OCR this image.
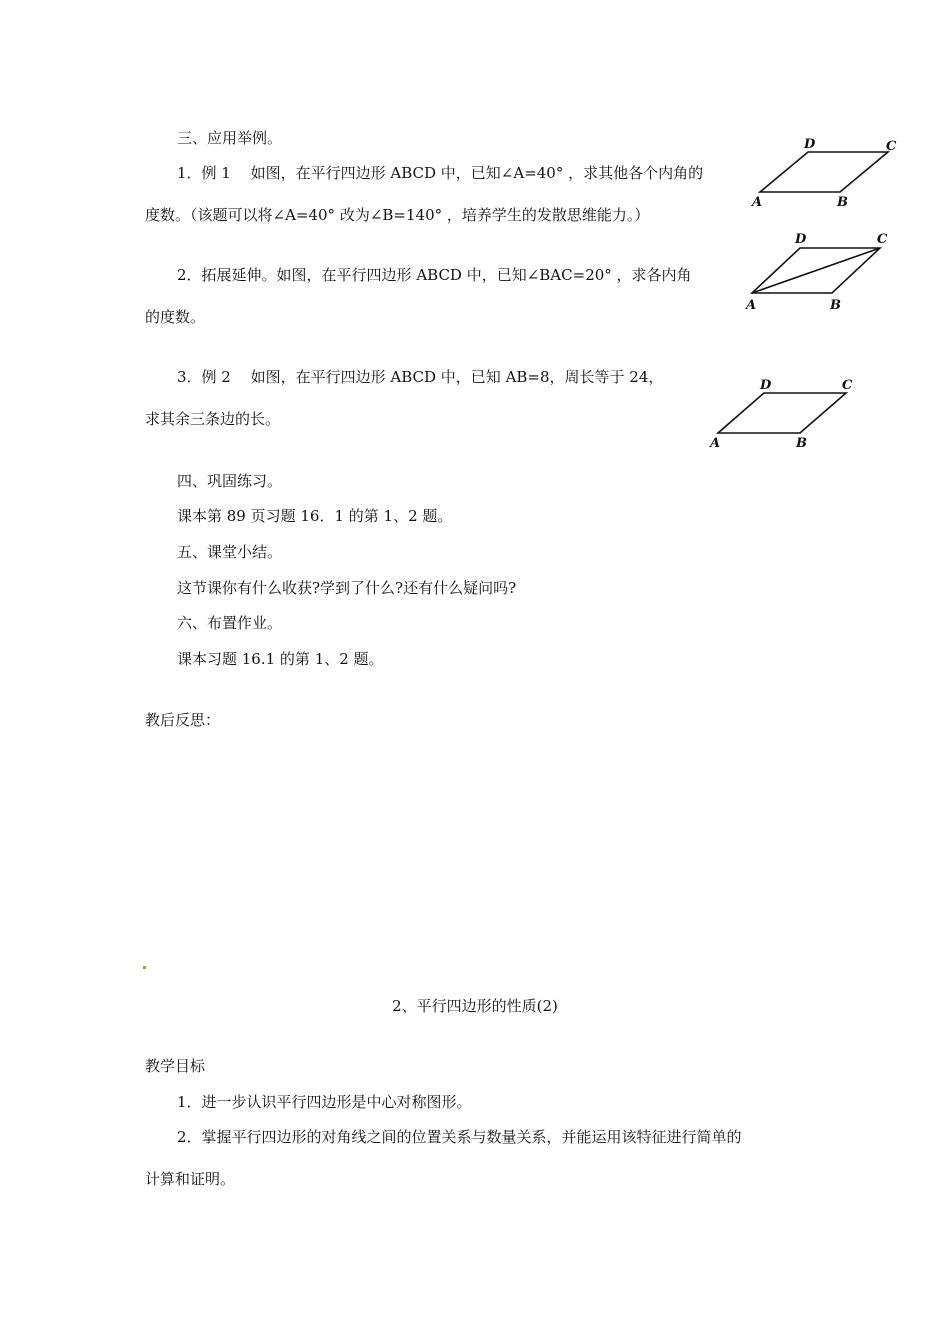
三、应用举例。
1．例 1　 如图，在平行四边形 ABCD 中，已知∠A=40° ，求其他各个内角的
度数。（该题可以将∠A=40° 改为∠B=140° ，培养学生的发散思维能力。）
2．拓展延伸。如图，在平行四边形 ABCD 中，已知∠BAC=20° ，求各内角
的度数。
3．例 2　 如图，在平行四边形 ABCD 中，已知 AB=8，周长等于 24，
求其余三条边的长。
A	B
C
D
A	B
C
D
A	B
C
D
四、巩固练习。
课本第 89 页习题 16．1 的第 1、2 题。
五、课堂小结。
这节课你有什么收获?学到了什么?还有什么疑问吗?
六、布置作业。
课本习题 16.1 的第 1、2 题。
教后反思：
2、平行四边形的性质(2)
教学目标
1．进一步认识平行四边形是中心对称图形。
2．掌握平行四边形的对角线之间的位置关系与数量关系，并能运用该特征进行简单的
计算和证明。
